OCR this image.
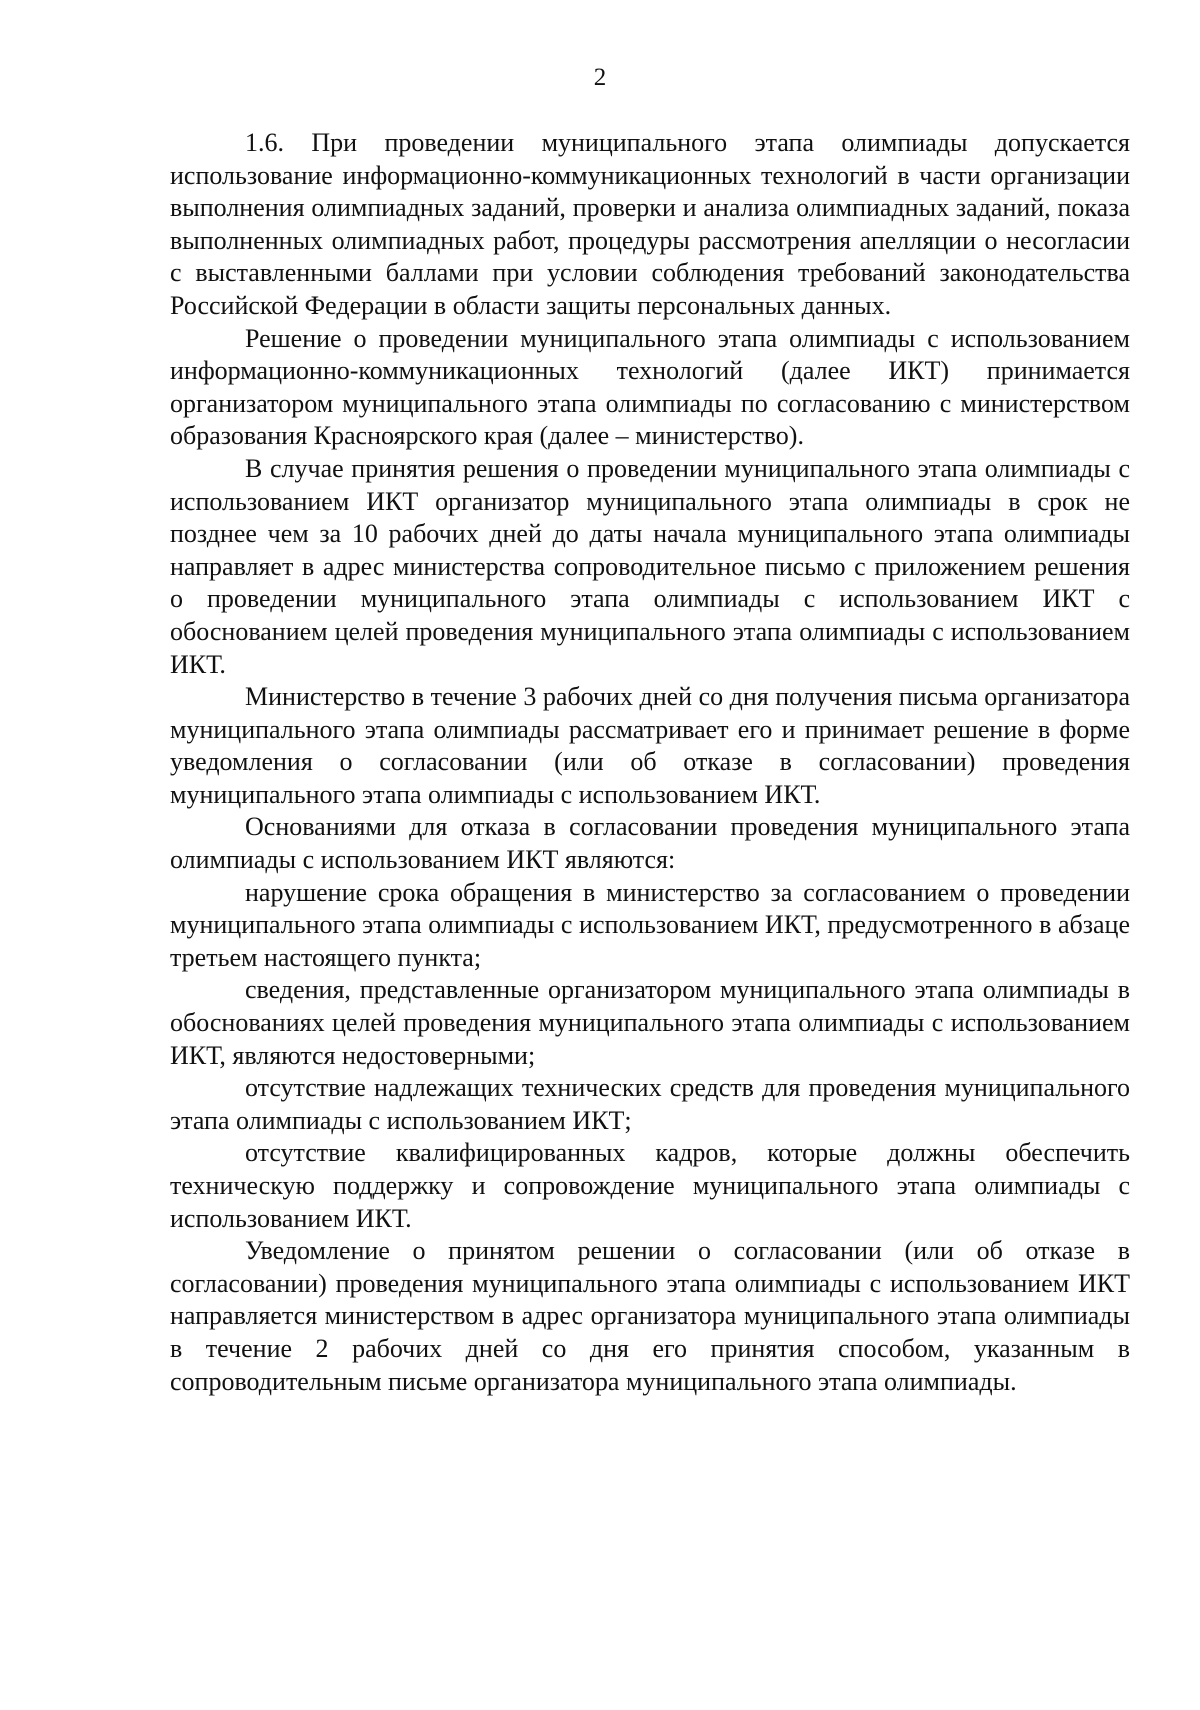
2

1.6. При проведении муниципального этапа олимпиады допускается использование информационно-коммуникационных технологий в части организации выполнения олимпиадных заданий, проверки и анализа олимпиадных заданий, показа выполненных олимпиадных работ, процедуры рассмотрения апелляции о несогласии с выставленными баллами при условии соблюдения требований законодательства Российской Федерации в области защиты персональных данных.

Решение о проведении муниципального этапа олимпиады с использованием информационно-коммуникационных технологий (далее ИКТ) принимается организатором муниципального этапа олимпиады по согласованию с министерством образования Красноярского края (далее – министерство).

В случае принятия решения о проведении муниципального этапа олимпиады с использованием ИКТ организатор муниципального этапа олимпиады в срок не позднее чем за 10 рабочих дней до даты начала муниципального этапа олимпиады направляет в адрес министерства сопроводительное письмо с приложением решения о проведении муниципального этапа олимпиады с использованием ИКТ с обоснованием целей проведения муниципального этапа олимпиады с использованием ИКТ.

Министерство в течение 3 рабочих дней со дня получения письма организатора муниципального этапа олимпиады рассматривает его и принимает решение в форме уведомления о согласовании (или об отказе в согласовании) проведения муниципального этапа олимпиады с использованием ИКТ.

Основаниями для отказа в согласовании проведения муниципального этапа олимпиады с использованием ИКТ являются:

нарушение срока обращения в министерство за согласованием о проведении муниципального этапа олимпиады с использованием ИКТ, предусмотренного в абзаце третьем настоящего пункта;

сведения, представленные организатором муниципального этапа олимпиады в обоснованиях целей проведения муниципального этапа олимпиады с использованием ИКТ, являются недостоверными;

отсутствие надлежащих технических средств для проведения муниципального этапа олимпиады с использованием ИКТ;

отсутствие квалифицированных кадров, которые должны обеспечить техническую поддержку и сопровождение муниципального этапа олимпиады с использованием ИКТ.

Уведомление о принятом решении о согласовании (или об отказе в согласовании) проведения муниципального этапа олимпиады с использованием ИКТ направляется министерством в адрес организатора муниципального этапа олимпиады в течение 2 рабочих дней со дня его принятия способом, указанным в сопроводительным письме организатора муниципального этапа олимпиады.
